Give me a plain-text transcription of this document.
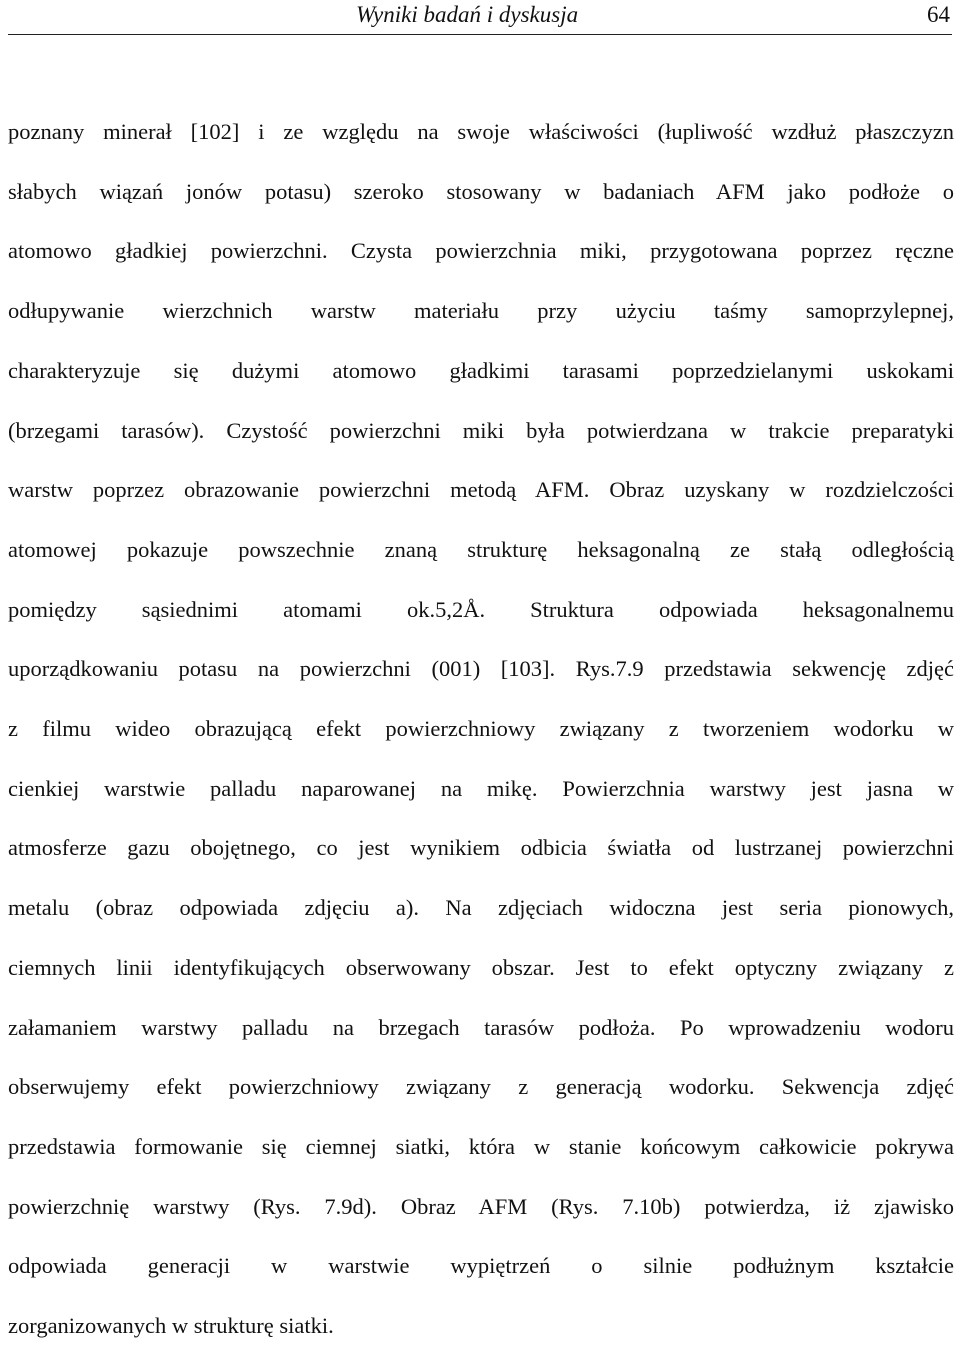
Wyniki badań i dyskusja	64

poznany minerał [102] i ze względu na swoje właściwości (łupliwość wzdłuż płaszczyzn
słabych wiązań jonów potasu) szeroko stosowany w badaniach AFM jako podłoże o
atomowo gładkiej powierzchni. Czysta powierzchnia miki, przygotowana poprzez ręczne
odłupywanie wierzchnich warstw materiału przy użyciu taśmy samoprzylepnej,
charakteryzuje się dużymi atomowo gładkimi tarasami poprzedzielanymi uskokami
(brzegami tarasów). Czystość powierzchni miki była potwierdzana w trakcie preparatyki
warstw poprzez obrazowanie powierzchni metodą AFM. Obraz uzyskany w rozdzielczości
atomowej pokazuje powszechnie znaną strukturę heksagonalną ze stałą odległością
pomiędzy sąsiednimi atomami ok.5,2Å. Struktura odpowiada heksagonalnemu
uporządkowaniu potasu na powierzchni (001) [103]. Rys.7.9 przedstawia sekwencję zdjęć
z filmu wideo obrazującą efekt powierzchniowy związany z tworzeniem wodorku w
cienkiej warstwie palladu naparowanej na mikę. Powierzchnia warstwy jest jasna w
atmosferze gazu obojętnego, co jest wynikiem odbicia światła od lustrzanej powierzchni
metalu (obraz odpowiada zdjęciu a). Na zdjęciach widoczna jest seria pionowych,
ciemnych linii identyfikujących obserwowany obszar. Jest to efekt optyczny związany z
załamaniem warstwy palladu na brzegach tarasów podłoża. Po wprowadzeniu wodoru
obserwujemy efekt powierzchniowy związany z generacją wodorku. Sekwencja zdjęć
przedstawia formowanie się ciemnej siatki, która w stanie końcowym całkowicie pokrywa
powierzchnię warstwy (Rys. 7.9d). Obraz AFM (Rys. 7.10b) potwierdza, iż zjawisko
odpowiada generacji w warstwie wypiętrzeń o silnie podłużnym kształcie
zorganizowanych w strukturę siatki.
